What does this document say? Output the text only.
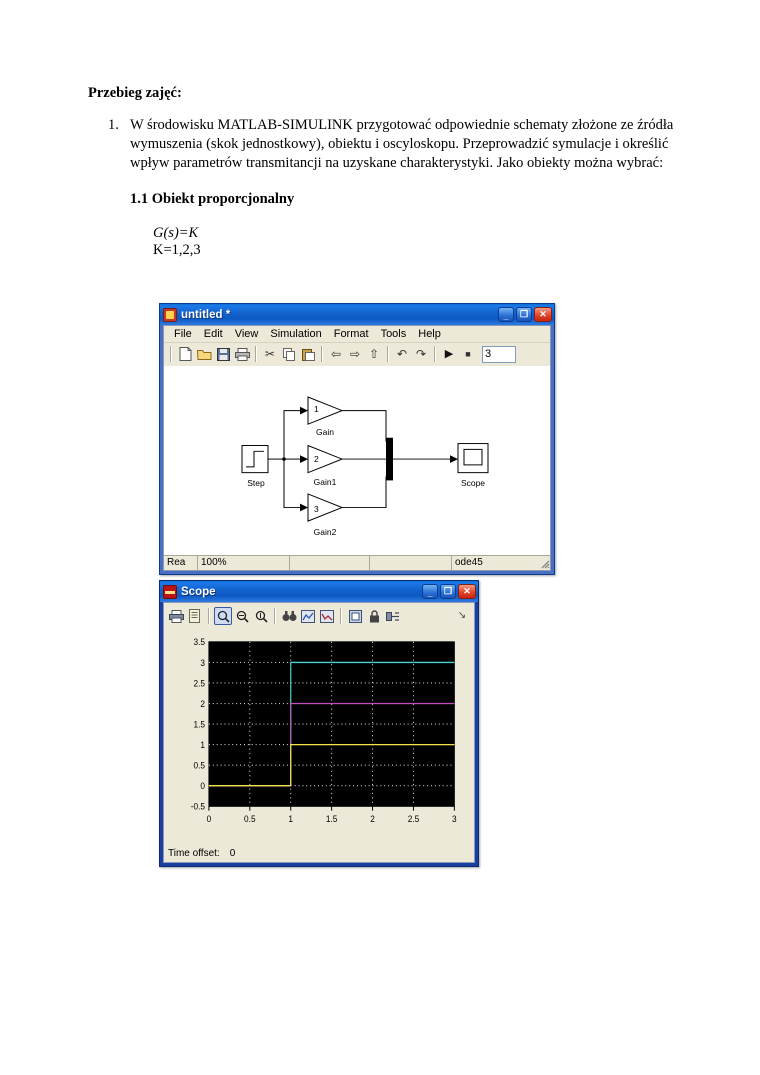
Przebieg zajęć:
1. W środowisku MATLAB-SIMULINK przygotować odpowiednie schematy złożone ze źródła wymuszenia (skok jednostkowy), obiektu i oscyloskopu. Przeprowadzić symulacje i określić wpływ parametrów transmitancji na uzyskane charakterystyki. Jako obiekty można wybrać:
1.1 Obiekt proporcjonalny
G(s)=K
K=1,2,3
untitled *	_	❐	✕
File	Edit	View	Simulation	Format	Tools	Help
✂	⇦ ⇨ ⇧	↶ ↷	▶	■
3
1
2
3
Step
Gain
Gain1
Gain2
Scope
Rea	100%	ode45
Scope	_	❐	✕
↘
3.5
3
2.5
2
1.5
1
0.5
0
-0.5
0	0.5	1	1.5	2	2.5	3
Time offset: 0
